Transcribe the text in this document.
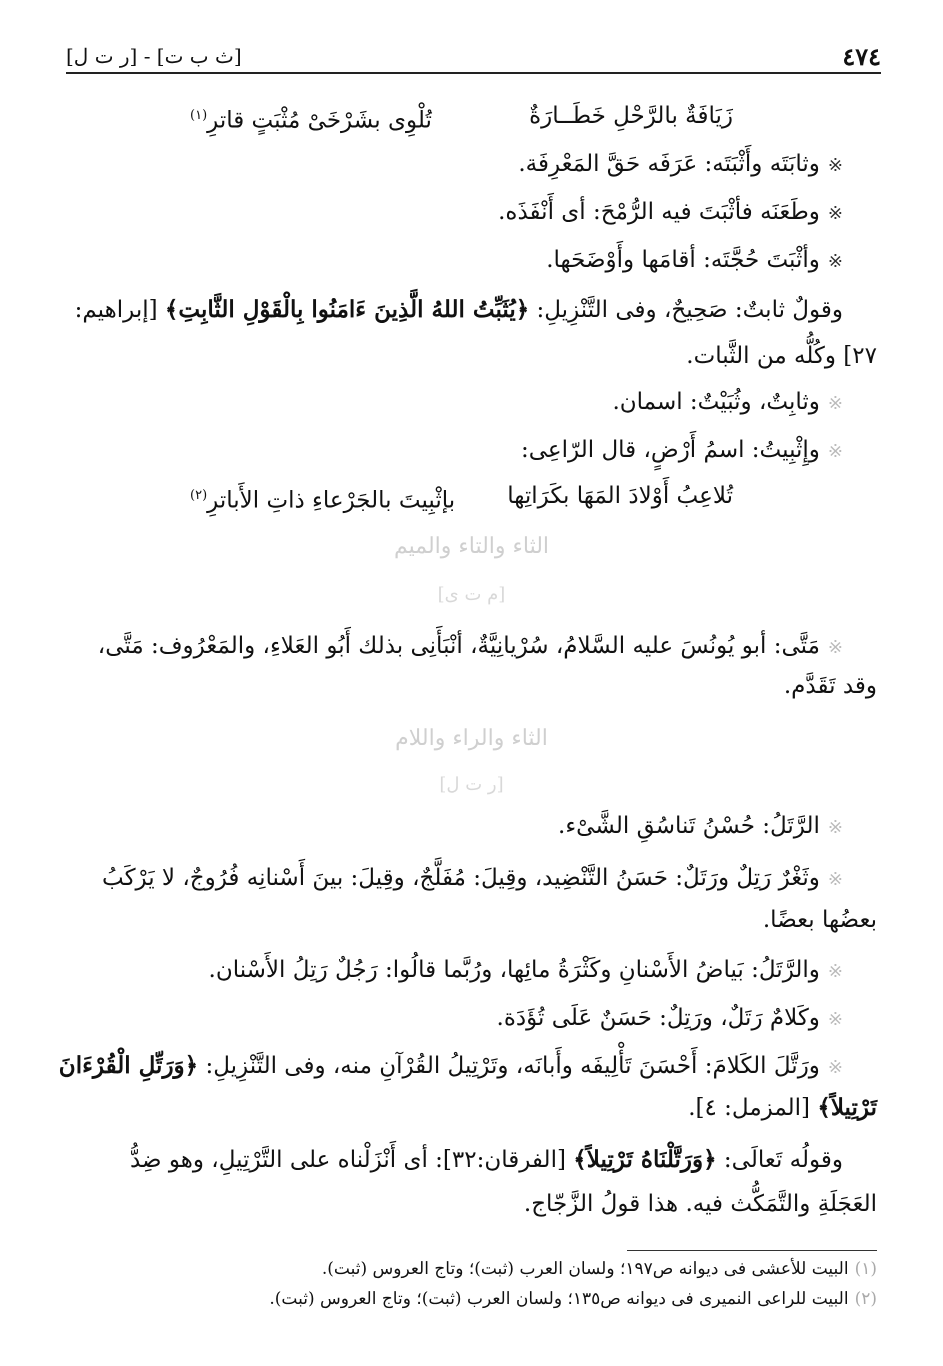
٤٧٤
[ث ب ت] - [ر ت ل]
زَيَافَةٌ بالرَّحْلِ خَطَــارَةٌ
تُلْوِى بشَرْخَىْ مُثْبَتٍ قاترِ$^{(١)}$
※وثابَتَه وأَثْبَتَه: عَرَفَه حَقَّ المَعْرِفَة.
※وطَعَنَه فأثْبَتَ فيه الرُّمْحَ: أى أَنْفَذَه.
※وأثْبَتَ حُجَّتَه: أقامَها وأَوْضَحَها.
وقولٌ ثابتٌ: صَحِيحٌ، وفى التَّنْزِيلِ: ﴿يُثَبِّتُ اللهُ الَّذِينَ ءَامَنُوا بِالْقَوْلِ الثَّابِتِ﴾ [إبراهيم:
٢٧] وكُلُّه من الثَّبات.
※وثابِتٌ، وثُبَيْتٌ: اسمان.
※وإِثْبِيتُ: اسمُ أَرْضٍ، قال الرّاعِى:
تُلاعِبُ أَوْلادَ المَهَا بكَرَاتِها
بإثْبِيتَ بالجَرْعاءِ ذاتِ الأَباترِ$^{(٢)}$
الثاء والتاء والميم
[م ت ى]
※مَتَّى: أبو يُونُسَ عليه السَّلامُ، سُرْيانِيَّةٌ، أنْبَأَنِى بذلك أَبُو العَلاءِ، والمَعْرُوف: مَتَّى،
وقد تَقَدَّم.
الثاء والراء واللام
[ر ت ل]
※الرَّتَلُ: حُسْنُ تَناسُقِ الشَّىْء.
※وثَغْرٌ رَتِلٌ ورَتَلٌ: حَسَنُ التَّنْضِيد، وقِيلَ: مُفَلَّجٌ، وقِيلَ: بينَ أَسْنانِه فُرُوجٌ، لا يَرْكَبُ
بعضُها بعضًا.
※والرَّتَلُ: بَياضُ الأَسْنانِ وكَثْرَةُ مائِها، ورُبَّما قالُوا: رَجُلٌ رَتِلُ الأَسْنان.
※وكَلامٌ رَتَلٌ، ورَتِلٌ: حَسَنٌ عَلَى تُؤَدَة.
※ورَتَّلَ الكَلامَ: أَحْسَنَ تَأْلِيفَه وأَبانَه، وتَرْتِيلُ القُرْآنِ منه، وفى التَّنْزِيلِ: ﴿وَرَتِّلِ الْقُرْءَانَ
تَرْتِيلاً﴾ [المزمل: ٤].
وقولُه تَعالَى: ﴿وَرَتَّلْنَاهُ تَرْتِيلاً﴾ [الفرقان:٣٢]: أى أَنْزَلْناه على التَّرْتِيلِ، وهو ضِدُّ
العَجَلَةِ والتَّمَكُّث فيه. هذا قولُ الزَّجّاج.
(١)البيت للأعشى فى ديوانه ص١٩٧؛ ولسان العرب (ثبت)؛ وتاج العروس (ثبت).
(٢)البيت للراعى النميرى فى ديوانه ص١٣٥؛ ولسان العرب (ثبت)؛ وتاج العروس (ثبت).
